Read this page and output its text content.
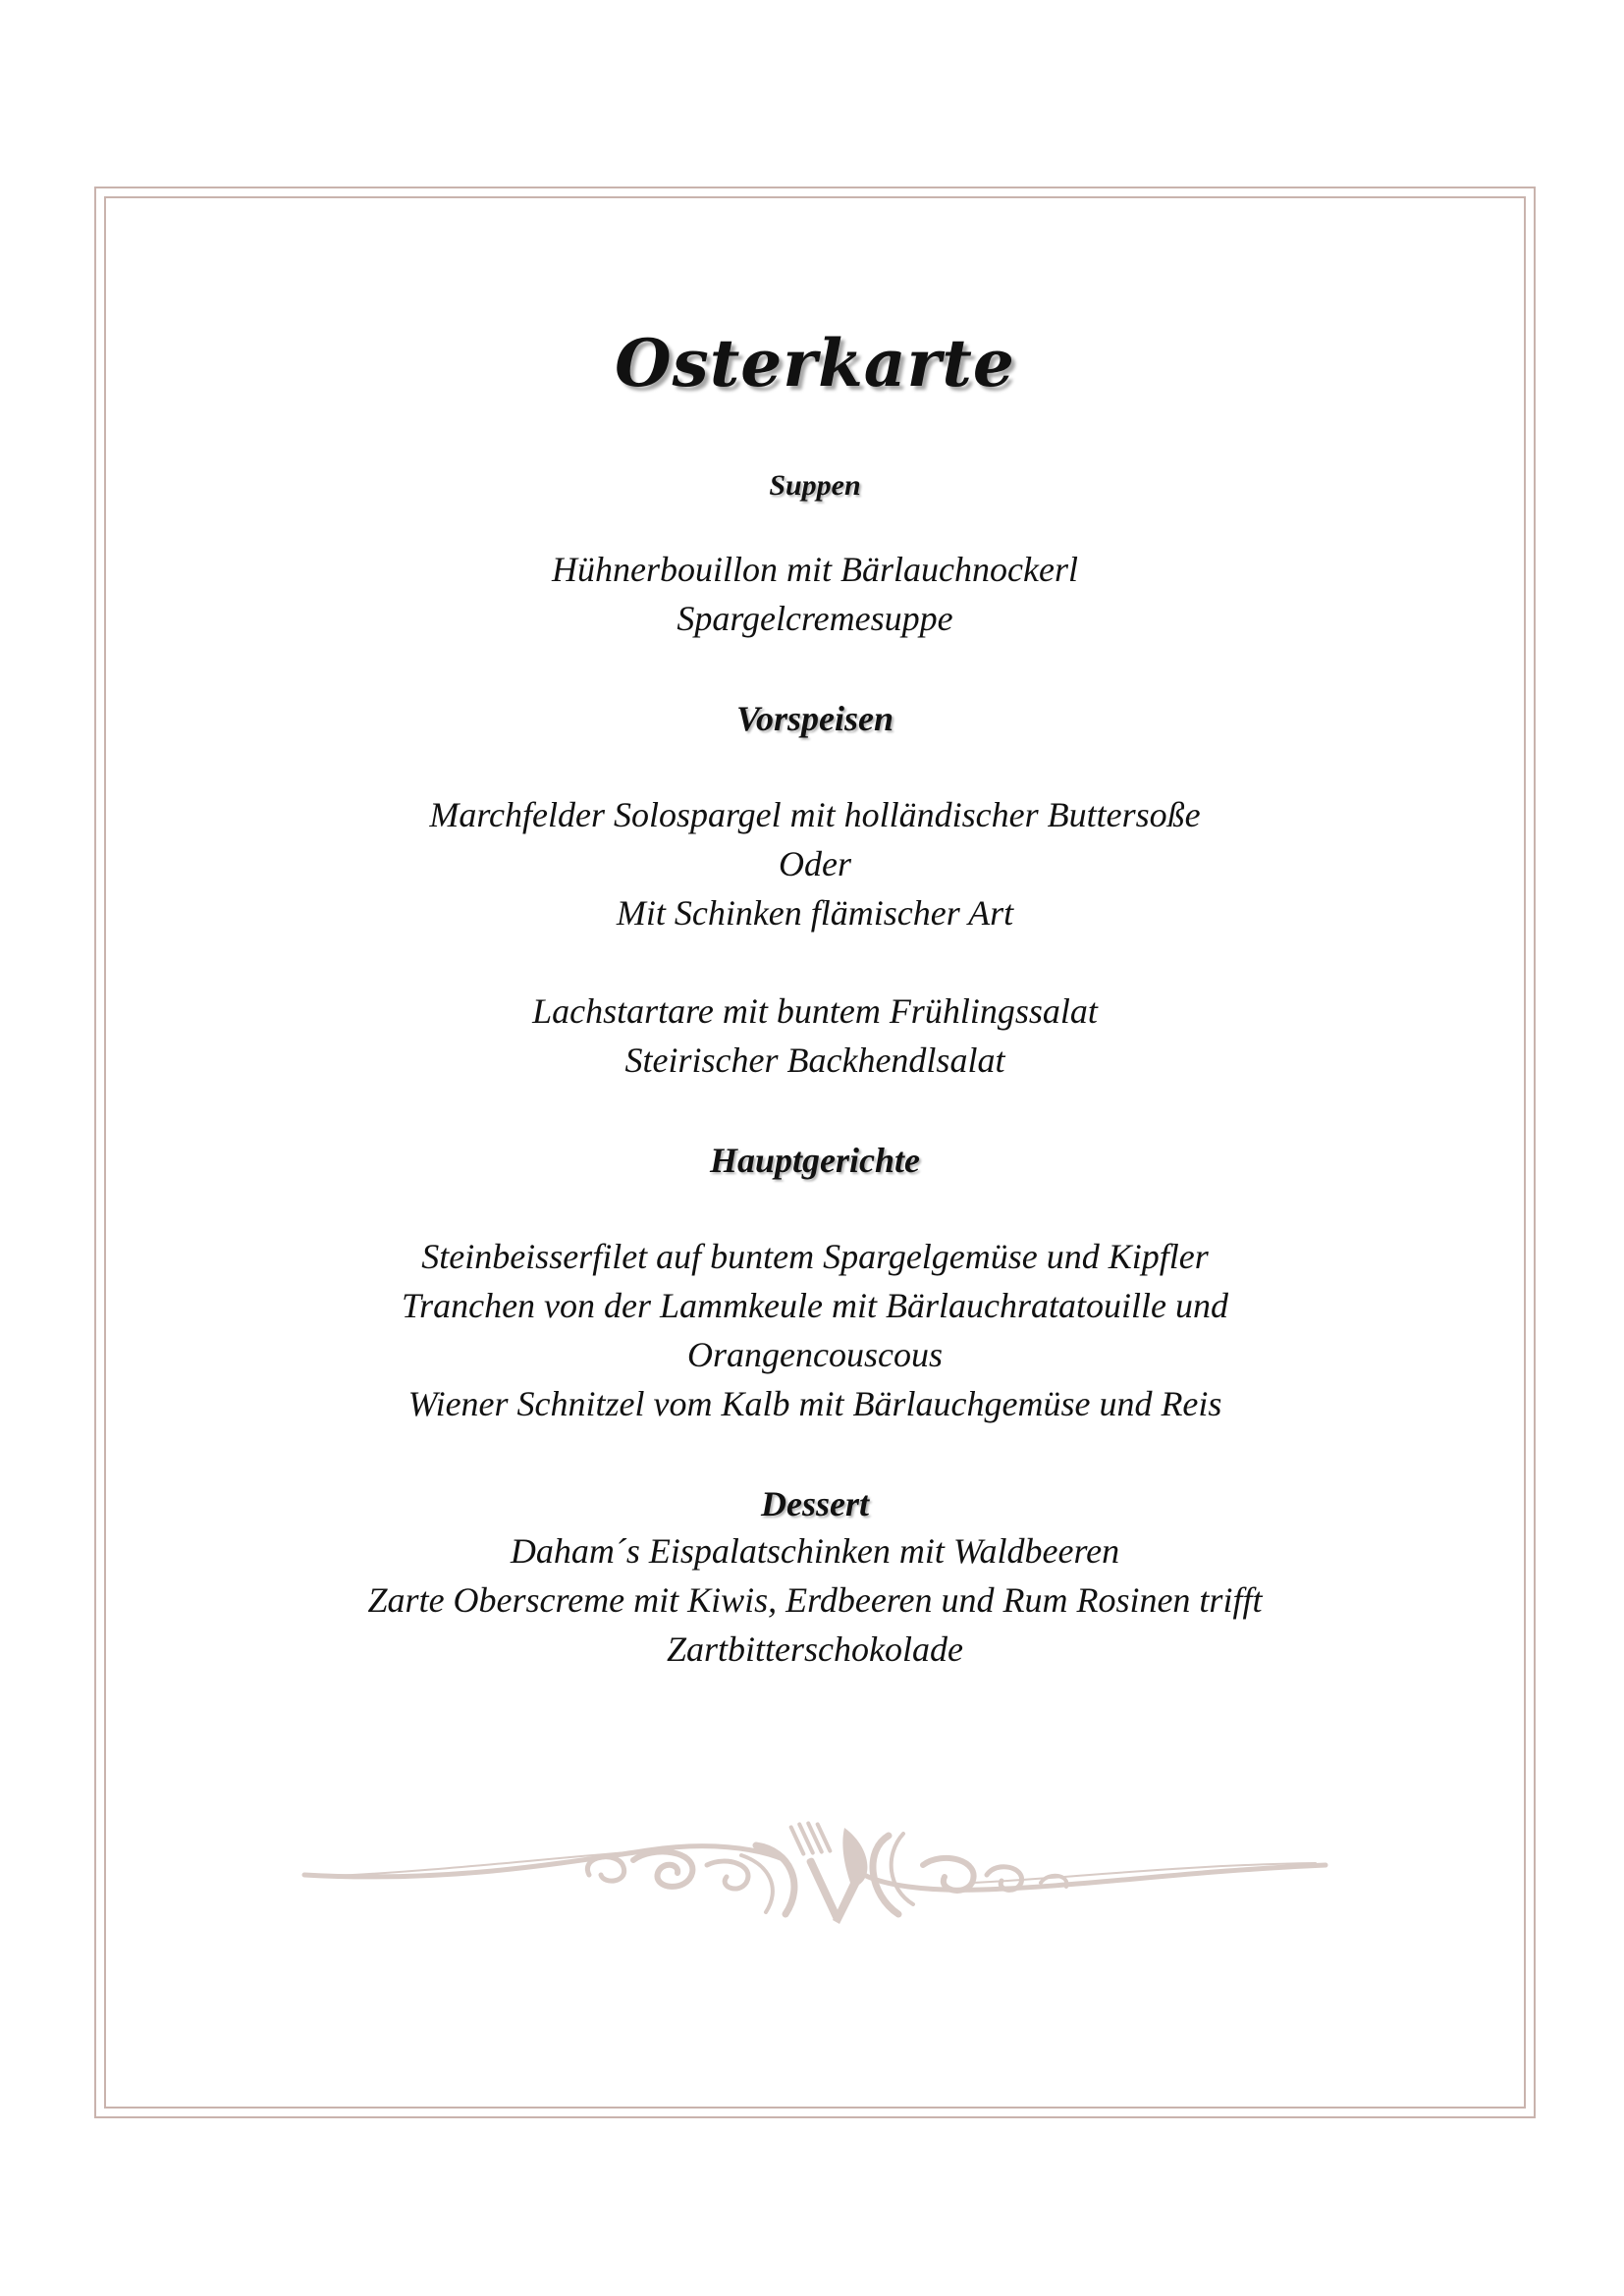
Osterkarte
Suppen
Hühnerbouillon mit Bärlauchnockerl
Spargelcremesuppe
Vorspeisen
Marchfelder Solospargel mit holländischer Buttersoße
Oder
Mit Schinken flämischer Art
Lachstartare mit buntem Frühlingssalat
Steirischer Backhendlsalat
Hauptgerichte
Steinbeisserfilet auf buntem Spargelgemüse und Kipfler
Tranchen von der Lammkeule mit Bärlauchratatouille und
Orangencouscous
Wiener Schnitzel vom Kalb mit Bärlauchgemüse und Reis
Dessert
Daham´s Eispalatschinken mit Waldbeeren
Zarte Oberscreme mit Kiwis, Erdbeeren und Rum Rosinen trifft
Zartbitterschokolade
